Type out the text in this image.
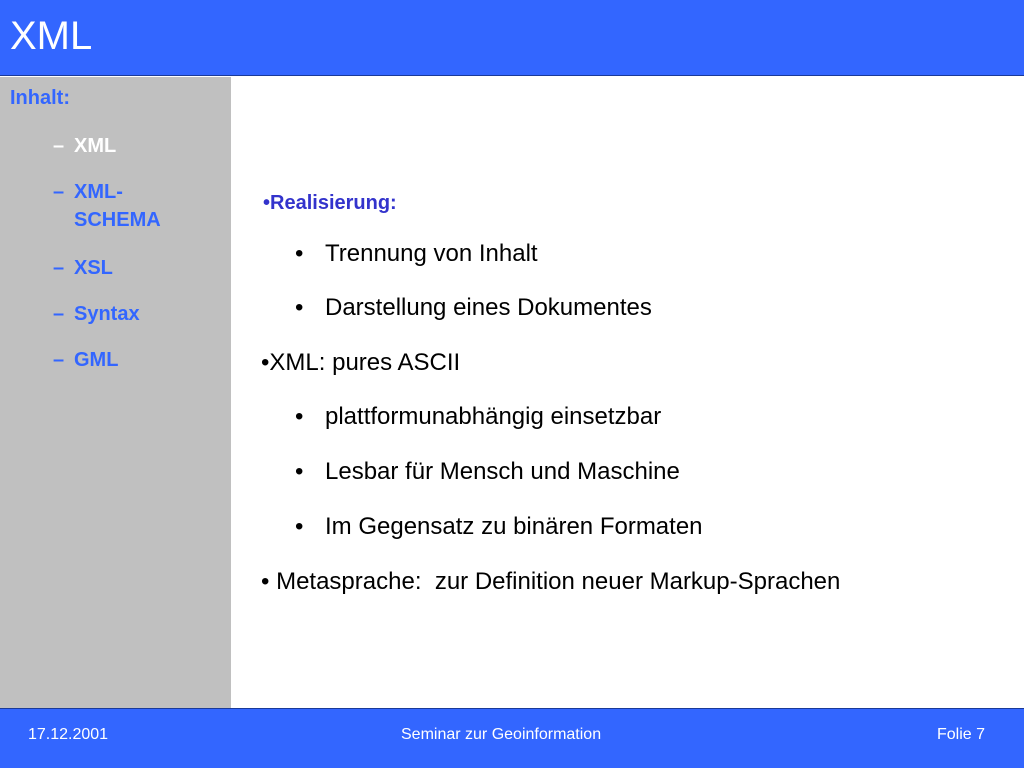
XML
Inhalt:
– XML
– XML-SCHEMA
– XSL
– Syntax
– GML
•Realisierung:
• Trennung von Inhalt
• Darstellung eines Dokumentes
•XML: pures ASCII
• plattformunabhängig einsetzbar
• Lesbar für Mensch und Maschine
• Im Gegensatz zu binären Formaten
• Metasprache:  zur Definition neuer Markup-Sprachen
17.12.2001	Seminar zur Geoinformation	Folie 7
